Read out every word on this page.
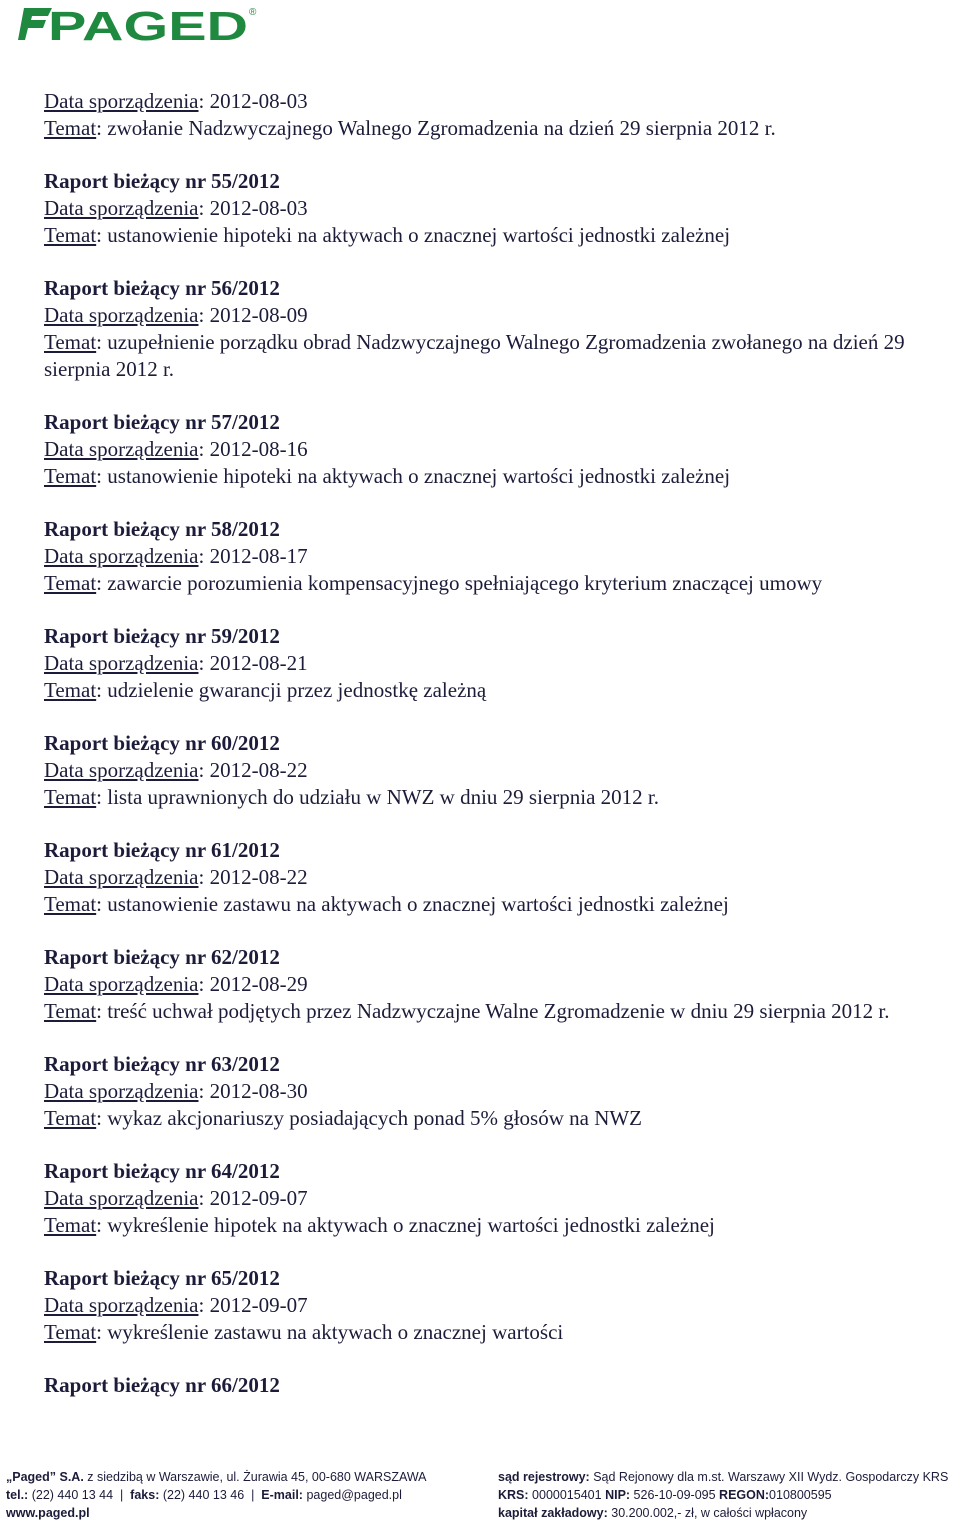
PAGED ®

Data sporządzenia: 2012-08-03

Temat: zwołanie Nadzwyczajnego Walnego Zgromadzenia na dzień 29 sierpnia 2012 r.

Raport bieżący nr 55/2012

Data sporządzenia: 2012-08-03

Temat: ustanowienie hipoteki na aktywach o znacznej wartości jednostki zależnej

Raport bieżący nr 56/2012

Data sporządzenia: 2012-08-09

Temat: uzupełnienie porządku obrad Nadzwyczajnego Walnego Zgromadzenia zwołanego na dzień 29 sierpnia 2012 r.

Raport bieżący nr 57/2012

Data sporządzenia: 2012-08-16

Temat: ustanowienie hipoteki na aktywach o znacznej wartości jednostki zależnej

Raport bieżący nr 58/2012

Data sporządzenia: 2012-08-17

Temat: zawarcie porozumienia kompensacyjnego spełniającego kryterium znaczącej umowy

Raport bieżący nr 59/2012

Data sporządzenia: 2012-08-21

Temat: udzielenie gwarancji przez jednostkę zależną

Raport bieżący nr 60/2012

Data sporządzenia: 2012-08-22

Temat: lista uprawnionych do udziału w NWZ w dniu 29 sierpnia 2012 r.

Raport bieżący nr 61/2012

Data sporządzenia: 2012-08-22

Temat: ustanowienie zastawu na aktywach o znacznej wartości jednostki zależnej

Raport bieżący nr 62/2012

Data sporządzenia: 2012-08-29

Temat: treść uchwał podjętych przez Nadzwyczajne Walne Zgromadzenie w dniu 29 sierpnia 2012 r.

Raport bieżący nr 63/2012

Data sporządzenia: 2012-08-30

Temat: wykaz akcjonariuszy posiadających ponad 5% głosów na NWZ

Raport bieżący nr 64/2012

Data sporządzenia: 2012-09-07

Temat: wykreślenie hipotek na aktywach o znacznej wartości jednostki zależnej

Raport bieżący nr 65/2012

Data sporządzenia: 2012-09-07

Temat: wykreślenie zastawu na aktywach o znacznej wartości

Raport bieżący nr 66/2012

„Paged” S.A. z siedzibą w Warszawie, ul. Żurawia 45, 00-680 WARSZAWA
tel.: (22) 440 13 44  |  faks: (22) 440 13 46  |  E-mail: paged@paged.pl
www.paged.pl
sąd rejestrowy: Sąd Rejonowy dla m.st. Warszawy XII Wydz. Gospodarczy KRS
KRS: 0000015401 NIP: 526-10-09-095 REGON:010800595
kapitał zakładowy: 30.200.002,- zł, w całości wpłacony
